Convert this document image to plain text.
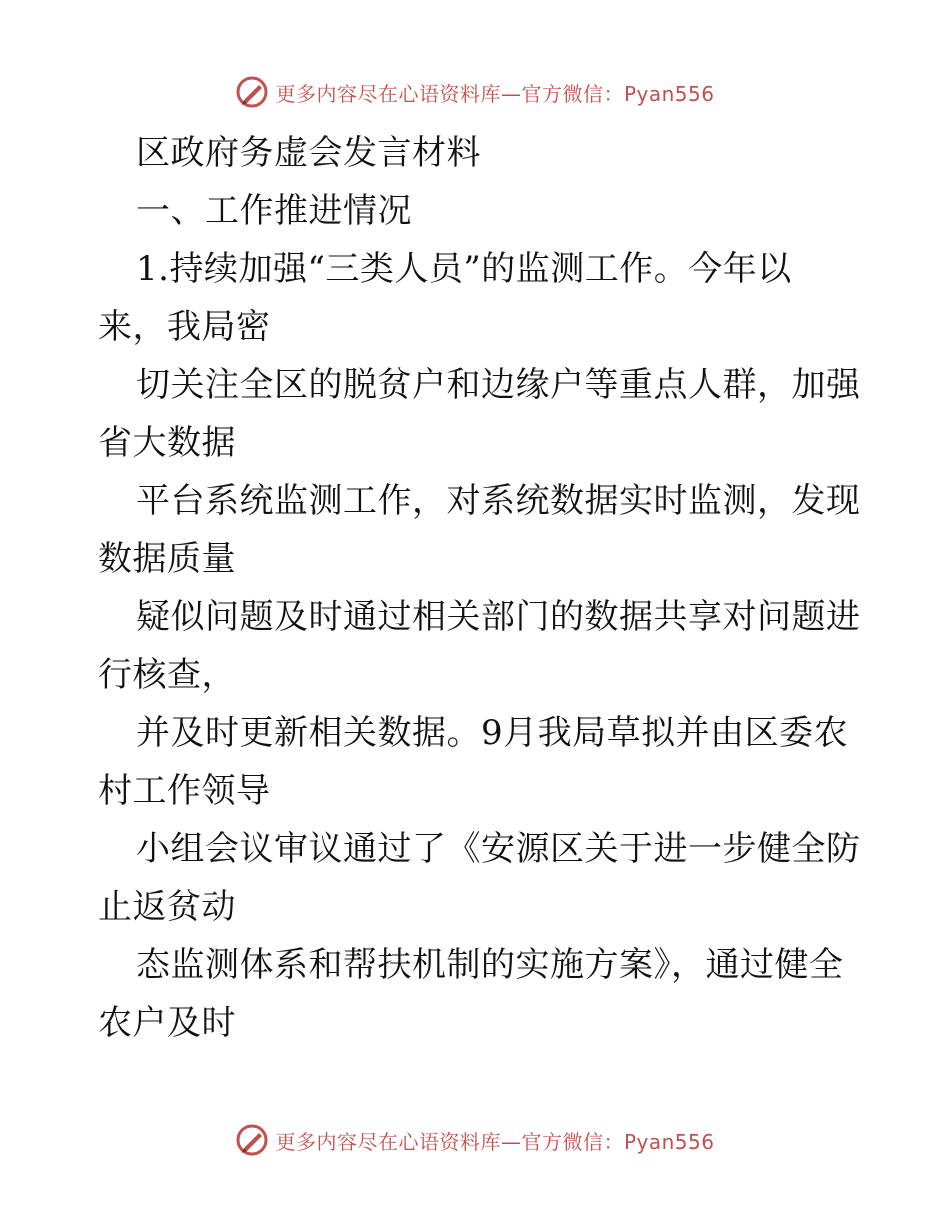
更多内容尽在心语资料库—官方微信：Pyan556
区政府务虚会发言材料
一、工作推进情况
1.持续加强“三类人员”的监测工作。今年以
来，我局密
切关注全区的脱贫户和边缘户等重点人群，加强
省大数据
平台系统监测工作，对系统数据实时监测，发现
数据质量
疑似问题及时通过相关部门的数据共享对问题进
行核查，
并及时更新相关数据。9月我局草拟并由区委农
村工作领导
小组会议审议通过了《安源区关于进一步健全防
止返贫动
态监测体系和帮扶机制的实施方案》，通过健全
农户及时
更多内容尽在心语资料库—官方微信：Pyan556
